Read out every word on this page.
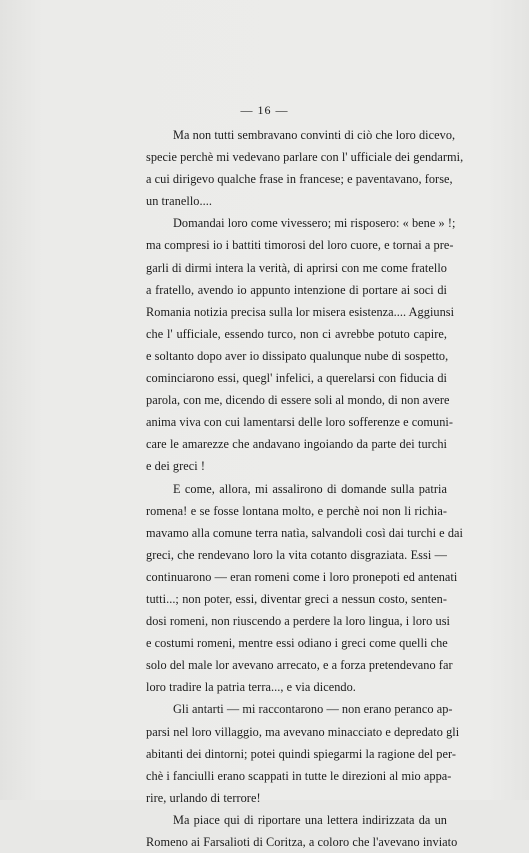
— 16 —
Ma non tutti sembravano convinti di ciò che loro dicevo,
specie perchè mi vedevano parlare con l' ufficiale dei gendarmi,
a cui dirigevo qualche frase in francese; e paventavano, forse,
un tranello....
Domandai loro come vivessero; mi risposero: « bene » !;
ma compresi io i battiti timorosi del loro cuore, e tornai a pre-
garli di dirmi intera la verità, di aprirsi con me come fratello
a fratello, avendo io appunto intenzione di portare ai soci di
Romania notizia precisa sulla lor misera esistenza.... Aggiunsi
che l' ufficiale, essendo turco, non ci avrebbe potuto capire,
e soltanto dopo aver io dissipato qualunque nube di sospetto,
cominciarono essi, quegl' infelici, a querelarsi con fiducia di
parola, con me, dicendo di essere soli al mondo, di non avere
anima viva con cui lamentarsi delle loro sofferenze e comuni-
care le amarezze che andavano ingoiando da parte dei turchi
e dei greci !
E come, allora, mi assalirono di domande sulla patria
romena! e se fosse lontana molto, e perchè noi non li richia-
mavamo alla comune terra natìa, salvandoli così dai turchi e dai
greci, che rendevano loro la vita cotanto disgraziata. Essi —
continuarono — eran romeni come i loro pronepoti ed antenati
tutti...; non poter, essi, diventar greci a nessun costo, senten-
dosi romeni, non riuscendo a perdere la loro lingua, i loro usi
e costumi romeni, mentre essi odiano i greci come quelli che
solo del male lor avevano arrecato, e a forza pretendevano far
loro tradire la patria terra..., e via dicendo.
Gli antarti — mi raccontarono — non erano peranco ap-
parsi nel loro villaggio, ma avevano minacciato e depredato gli
abitanti dei dintorni; potei quindi spiegarmi la ragione del per-
chè i fanciulli erano scappati in tutte le direzioni al mio appa-
rire, urlando di terrore!
Ma piace qui di riportare una lettera indirizzata da un
Romeno ai Farsalioti di Coritza, a coloro che l'avevano inviato
